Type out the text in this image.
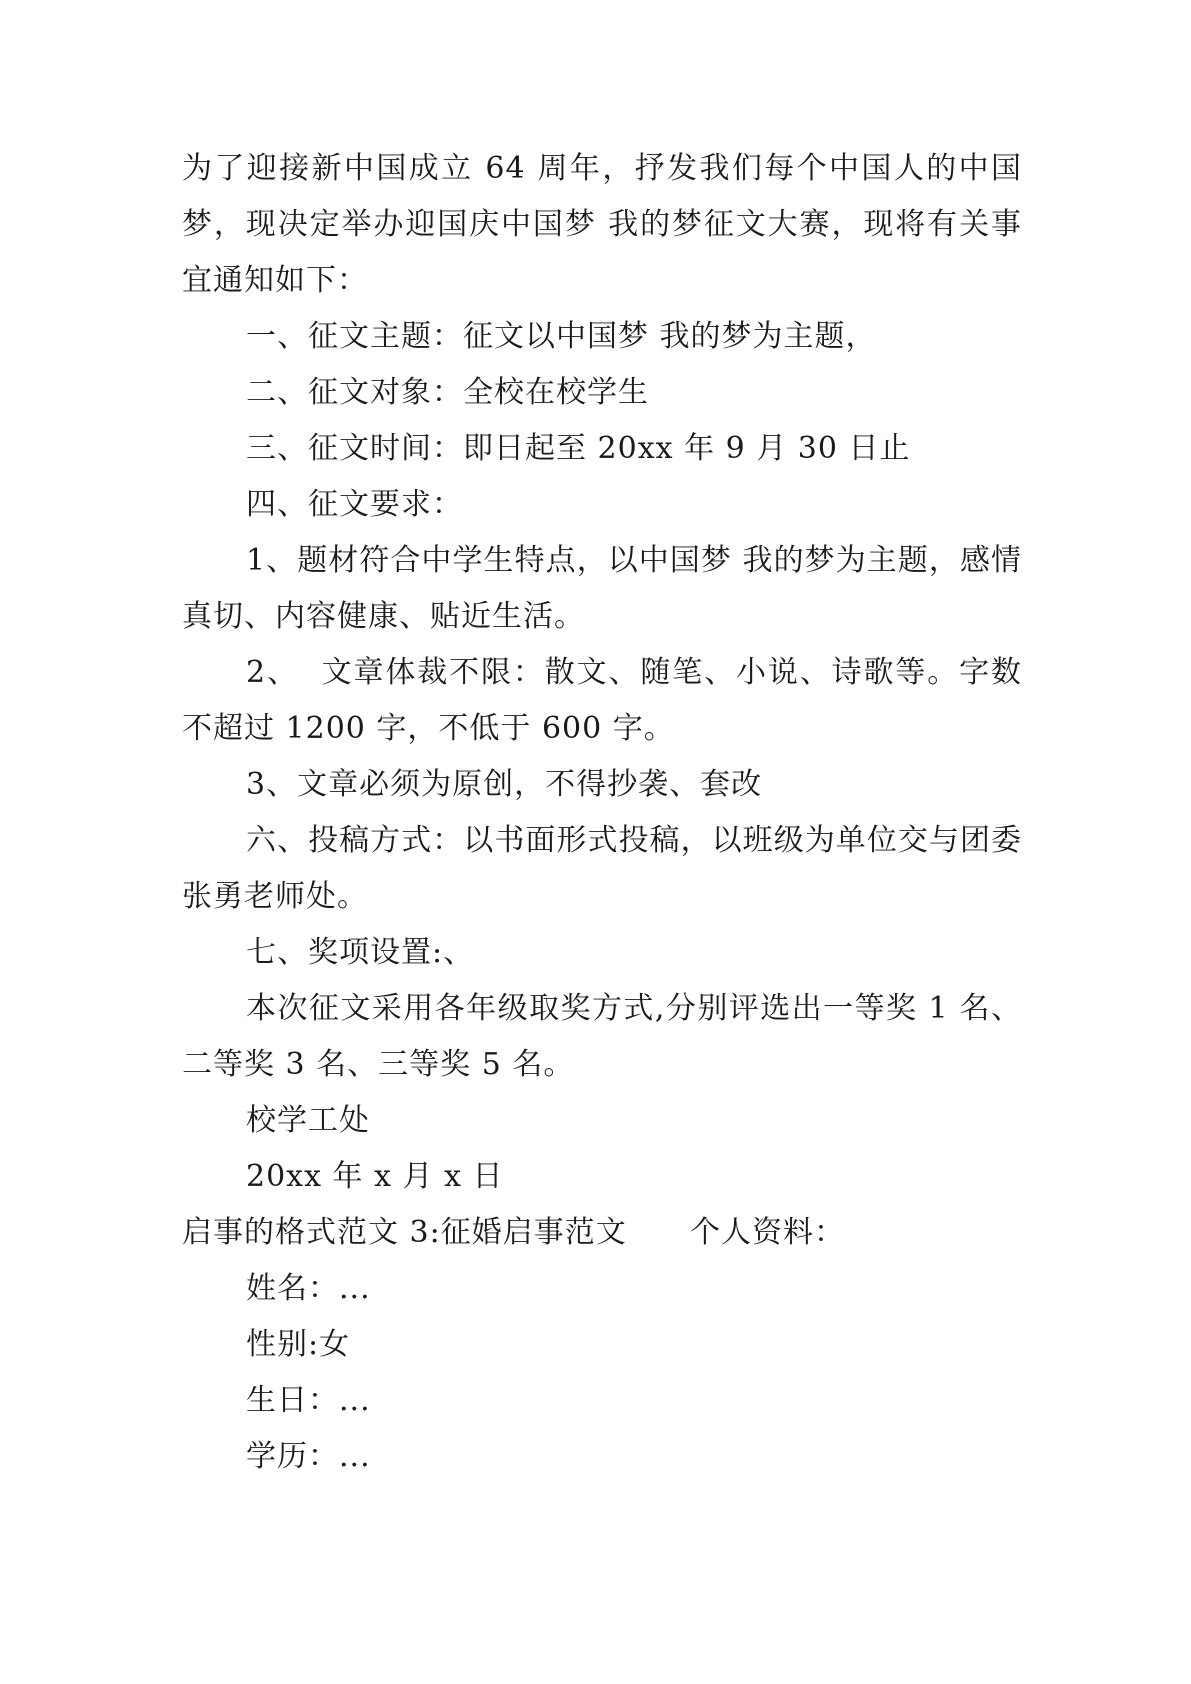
为了迎接新中国成立 64 周年，抒发我们每个中国人的中国梦，现决定举办迎国庆中国梦 我的梦征文大赛，现将有关事宜通知如下：

一、征文主题：征文以中国梦 我的梦为主题，

二、征文对象：全校在校学生

三、征文时间：即日起至 20xx 年 9 月 30 日止

四、征文要求：

1、题材符合中学生特点，以中国梦 我的梦为主题，感情真切、内容健康、贴近生活。

2、  文章体裁不限：散文、随笔、小说、诗歌等。字数不超过 1200 字，不低于 600 字。

3、文章必须为原创，不得抄袭、套改

六、投稿方式：以书面形式投稿，以班级为单位交与团委张勇老师处。

七、奖项设置:、

本次征文采用各年级取奖方式,分别评选出一等奖 1 名、二等奖 3 名、三等奖 5 名。

校学工处

20xx 年 x 月 x 日

启事的格式范文 3:征婚启事范文      个人资料：

姓名：...

性别:女

生日：...

学历：...
